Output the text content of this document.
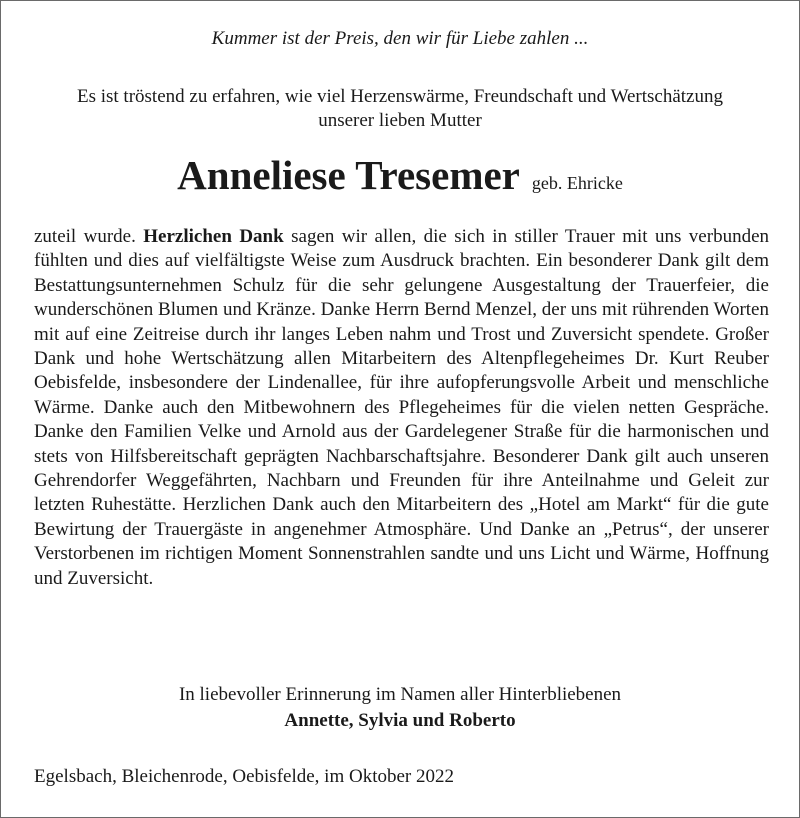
Kummer ist der Preis, den wir für Liebe zahlen ...
Es ist tröstend zu erfahren, wie viel Herzenswärme, Freundschaft und Wertschätzung
unserer lieben Mutter
Anneliese Tresemer geb. Ehricke
zuteil wurde. Herzlichen Dank sagen wir allen, die sich in stiller Trauer mit uns verbunden fühlten und dies auf vielfältigste Weise zum Ausdruck brachten. Ein besonderer Dank gilt dem Bestattungsunternehmen Schulz für die sehr gelungene Ausgestaltung der Trauerfeier, die wunderschönen Blumen und Kränze. Danke Herrn Bernd Menzel, der uns mit rührenden Worten mit auf eine Zeitreise durch ihr langes Leben nahm und Trost und Zuversicht spendete. Großer Dank und hohe Wertschätzung allen Mitarbeitern des Altenpflegeheimes Dr. Kurt Reuber Oebisfelde, insbesondere der Lindenallee, für ihre aufopferungsvolle Arbeit und menschliche Wärme. Danke auch den Mitbewohnern des Pflegeheimes für die vielen netten Gespräche. Danke den Familien Velke und Arnold aus der Gardelegener Straße für die harmonischen und stets von Hilfsbereitschaft geprägten Nachbarschaftsjahre. Besonderer Dank gilt auch unseren Gehrendorfer Weggefährten, Nachbarn und Freunden für ihre Anteilnahme und Geleit zur letzten Ruhestätte. Herzlichen Dank auch den Mitarbeitern des „Hotel am Markt“ für die gute Bewirtung der Trauergäste in angenehmer Atmosphäre. Und Danke an „Petrus“, der unserer Verstorbenen im richtigen Moment Sonnenstrahlen sandte und uns Licht und Wärme, Hoffnung und Zuversicht.
In liebevoller Erinnerung im Namen aller Hinterbliebenen
Annette, Sylvia und Roberto
Egelsbach, Bleichenrode, Oebisfelde, im Oktober 2022
